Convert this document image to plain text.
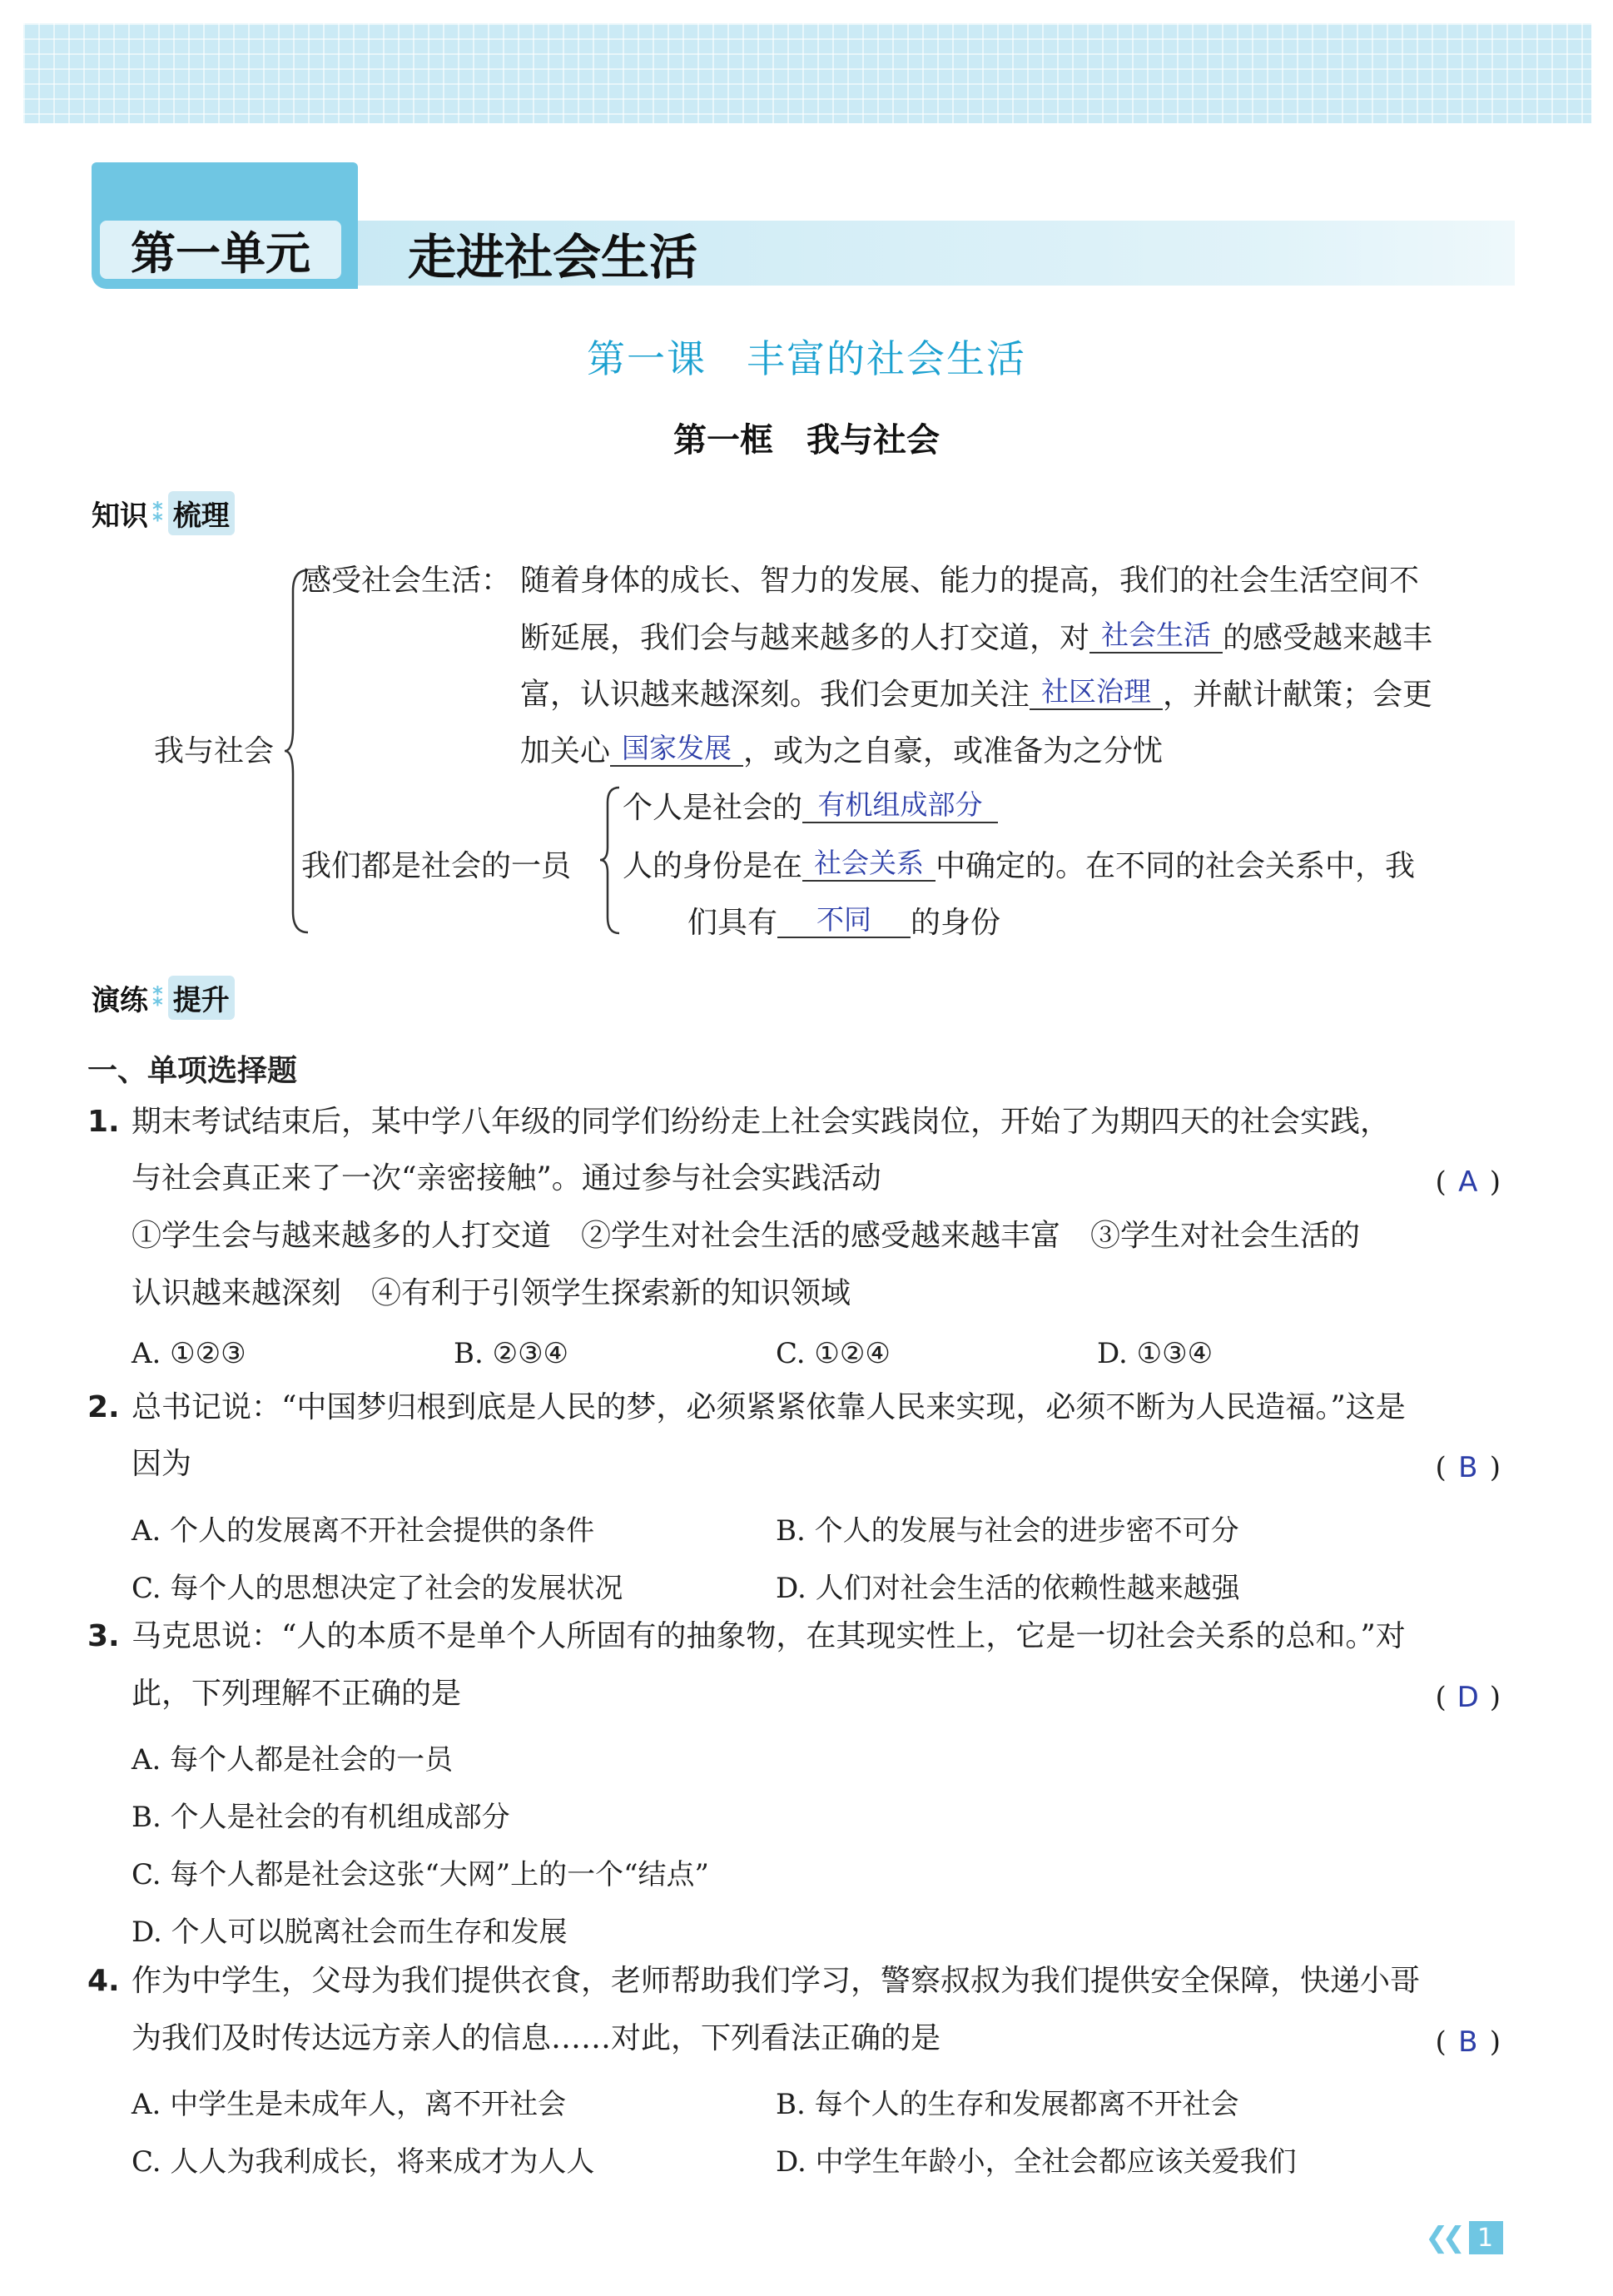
第一单元	走进社会生活
第一课　丰富的社会生活
第一框　我与社会
知识 ⁑ 梳理
我与社会
感受社会生活： 随着身体的成长、智力的发展、能力的提高，我们的社会生活空间不
断延展，我们会与越来越多的人打交道，对 社会生活 的感受越来越丰
富，认识越来越深刻。我们会更加关注 社区治理 ，并献计献策；会更
加关心 国家发展 ，或为之自豪，或准备为之分忧
我们都是社会的一员
个人是社会的 有机组成部分
人的身份是在 社会关系 中确定的。在不同的社会关系中，我
们具有 不同 的身份
演练 ⁑ 提升
一、单项选择题
1. 期末考试结束后，某中学八年级的同学们纷纷走上社会实践岗位，开始了为期四天的社会实践，
与社会真正来了一次“亲密接触”。通过参与社会实践活动	( A )
①学生会与越来越多的人打交道　②学生对社会生活的感受越来越丰富　③学生对社会生活的
认识越来越深刻　④有利于引领学生探索新的知识领域
A. ①②③	B. ②③④	C. ①②④	D. ①③④
2. 总书记说：“中国梦归根到底是人民的梦，必须紧紧依靠人民来实现，必须不断为人民造福。”这是
因为	( B )
A. 个人的发展离不开社会提供的条件	B. 个人的发展与社会的进步密不可分
C. 每个人的思想决定了社会的发展状况	D. 人们对社会生活的依赖性越来越强
3. 马克思说：“人的本质不是单个人所固有的抽象物，在其现实性上，它是一切社会关系的总和。”对
此，下列理解不正确的是	( D )
A. 每个人都是社会的一员
B. 个人是社会的有机组成部分
C. 每个人都是社会这张“大网”上的一个“结点”
D. 个人可以脱离社会而生存和发展
4. 作为中学生，父母为我们提供衣食，老师帮助我们学习，警察叔叔为我们提供安全保障，快递小哥
为我们及时传达远方亲人的信息……对此，下列看法正确的是	( B )
A. 中学生是未成年人，离不开社会	B. 每个人的生存和发展都离不开社会
C. 人人为我利成长，将来成才为人人	D. 中学生年龄小，全社会都应该关爱我们
❮❮ 1
